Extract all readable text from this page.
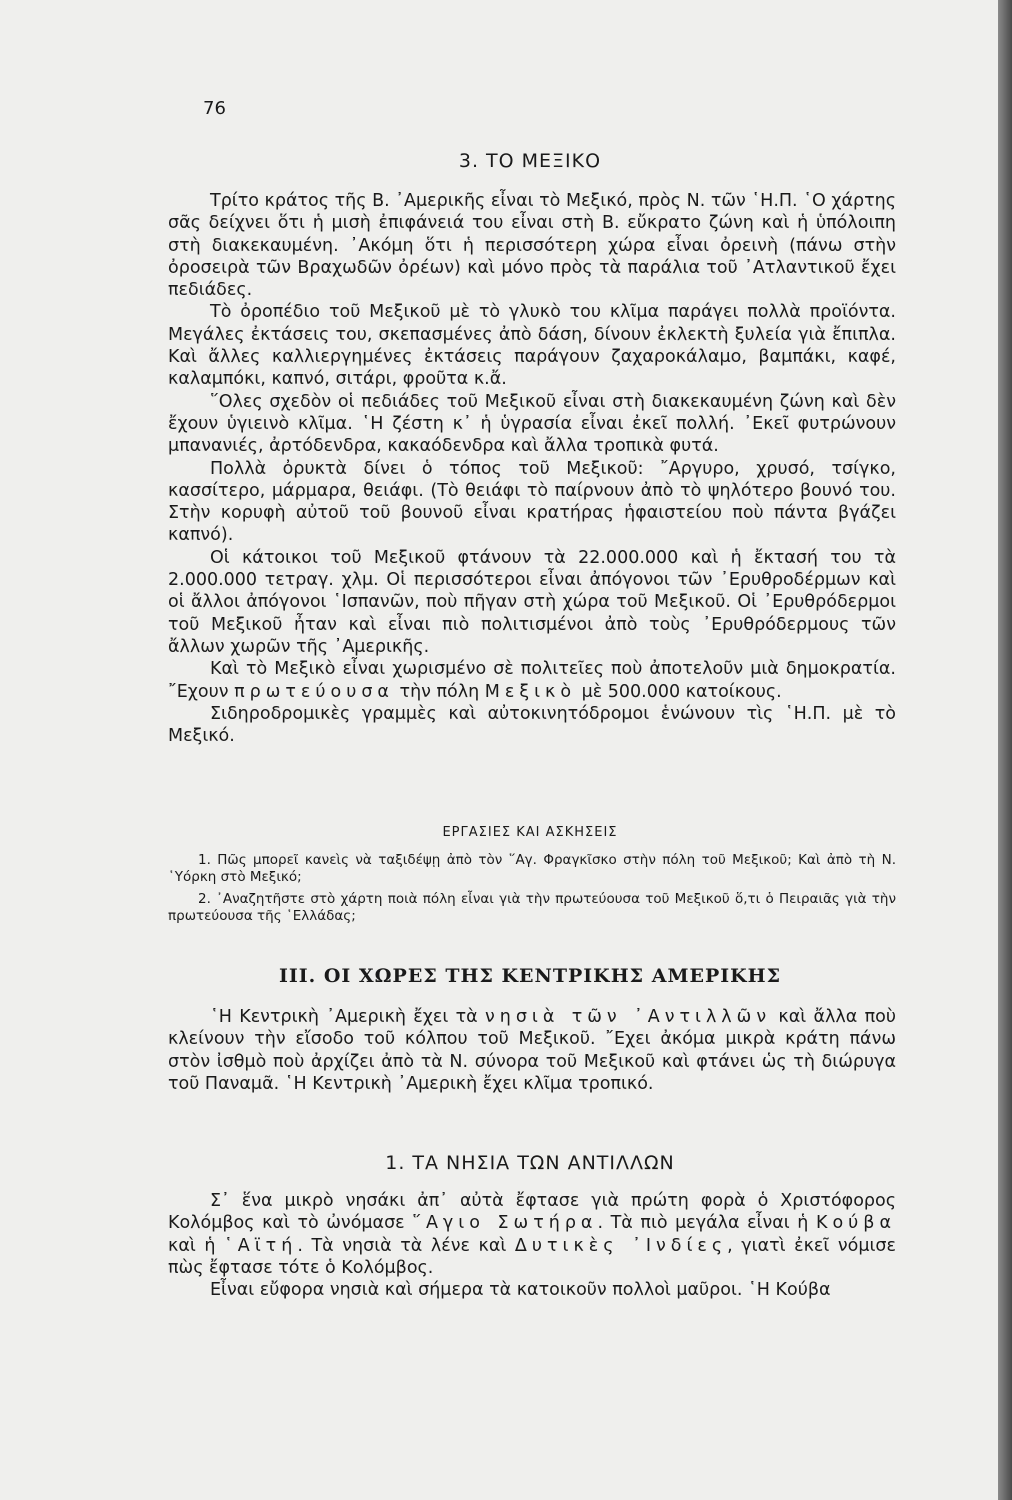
76
3. ΤΟ ΜΕΞΙΚΟ

Τρίτο κράτος τῆς Β. ᾿Αμερικῆς εἶναι τὸ Μεξικό, πρὸς Ν. τῶν ῾Η.Π. ῾Ο χάρτης σᾶς δείχνει ὅτι ἡ μισὴ ἐπιφάνειά του εἶναι στὴ Β. εὔκρατο ζώνη καὶ ἡ ὑπόλοιπη στὴ διακεκαυμένη. ᾿Ακόμη ὅτι ἡ περισσότερη χώρα εἶναι ὀρεινὴ (πάνω στὴν ὀροσειρὰ τῶν Βραχωδῶν ὀρέων) καὶ μόνο πρὸς τὰ παράλια τοῦ ᾿Ατλαντικοῦ ἔχει πεδιάδες.

Τὸ ὀροπέδιο τοῦ Μεξικοῦ μὲ τὸ γλυκὸ του κλῖμα παράγει πολλὰ προϊόντα. Μεγάλες ἐκτάσεις του, σκεπασμένες ἀπὸ δάση, δίνουν ἐκλεκτὴ ξυλεία γιὰ ἔπιπλα. Καὶ ἄλλες καλλιεργημένες ἐκτάσεις παράγουν ζαχαροκάλαμο, βαμπάκι, καφέ, καλαμπόκι, καπνό, σιτάρι, φροῦτα κ.ἄ.

῞Ολες σχεδὸν οἱ πεδιάδες τοῦ Μεξικοῦ εἶναι στὴ διακεκαυμένη ζώνη καὶ δὲν ἔχουν ὑγιεινὸ κλῖμα. ῾Η ζέστη κ᾿ ἡ ὑγρασία εἶναι ἐκεῖ πολλή. ᾿Εκεῖ φυτρώνουν μπανανιές, ἀρτόδενδρα, κακαόδενδρα καὶ ἄλλα τροπικὰ φυτά.

Πολλὰ ὀρυκτὰ δίνει ὁ τόπος τοῦ Μεξικοῦ: ῎Αργυρο, χρυσό, τσίγκο, κασσίτερο, μάρμαρα, θειάφι. (Τὸ θειάφι τὸ παίρνουν ἀπὸ τὸ ψηλότερο βουνό του. Στὴν κορυφὴ αὐτοῦ τοῦ βουνοῦ εἶναι κρατήρας ἡφαιστείου ποὺ πάντα βγάζει καπνό).

Οἱ κάτοικοι τοῦ Μεξικοῦ φτάνουν τὰ 22.000.000 καὶ ἡ ἔκτασή του τὰ 2.000.000 τετραγ. χλμ. Οἱ περισσότεροι εἶναι ἀπόγονοι τῶν ᾿Ερυθροδέρμων καὶ οἱ ἄλλοι ἀπόγονοι ῾Ισπανῶν, ποὺ πῆγαν στὴ χώρα τοῦ Μεξικοῦ. Οἱ ᾿Ερυθρόδερμοι τοῦ Μεξικοῦ ἦταν καὶ εἶναι πιὸ πολιτισμένοι ἀπὸ τοὺς ᾿Ερυθρόδερμους τῶν ἄλλων χωρῶν τῆς ᾿Αμερικῆς.

Καὶ τὸ Μεξικὸ εἶναι χωρισμένο σὲ πολιτεῖες ποὺ ἀποτελοῦν μιὰ δημοκρατία. ῎Εχουν πρωτεύουσα τὴν πόλη Μεξικὸ μὲ 500.000 κατοίκους.

Σιδηροδρομικὲς γραμμὲς καὶ αὐτοκινητόδρομοι ἑνώνουν τὶς ῾Η.Π. μὲ τὸ Μεξικό.

ΕΡΓΑΣΙΕΣ ΚΑΙ ΑΣΚΗΣΕΙΣ

1. Πῶς μπορεῖ κανεὶς νὰ ταξιδέψῃ ἀπὸ τὸν ῞Αγ. Φραγκῖσκο στὴν πόλη τοῦ Μεξικοῦ; Καὶ ἀπὸ τὴ Ν. ῾Υόρκη στὸ Μεξικό;

2. ᾿Αναζητῆστε στὸ χάρτη ποιὰ πόλη εἶναι γιὰ τὴν πρωτεύουσα τοῦ Μεξικοῦ ὅ,τι ὁ Πειραιᾶς γιὰ τὴν πρωτεύουσα τῆς ῾Ελλάδας;

III. ΟΙ ΧΩΡΕΣ ΤΗΣ ΚΕΝΤΡΙΚΗΣ ΑΜΕΡΙΚΗΣ

῾Η Κεντρικὴ ᾿Αμερικὴ ἔχει τὰ νησιὰ τῶν ᾿Αντιλλῶν καὶ ἄλλα ποὺ κλείνουν τὴν εἴσοδο τοῦ κόλπου τοῦ Μεξικοῦ. ῎Εχει ἀκόμα μικρὰ κράτη πάνω στὸν ἰσθμὸ ποὺ ἀρχίζει ἀπὸ τὰ Ν. σύνορα τοῦ Μεξικοῦ καὶ φτάνει ὡς τὴ διώρυγα τοῦ Παναμᾶ. ῾Η Κεντρικὴ ᾿Αμερικὴ ἔχει κλῖμα τροπικό.

1. ΤΑ ΝΗΣΙΑ ΤΩΝ ΑΝΤΙΛΛΩΝ

Σ᾿ ἕνα μικρὸ νησάκι ἀπ᾿ αὐτὰ ἔφτασε γιὰ πρώτη φορὰ ὁ Χριστόφορος Κολόμβος καὶ τὸ ὠνόμασε ῞Αγιο Σωτήρα. Τὰ πιὸ μεγάλα εἶναι ἡ Κούβα καὶ ἡ ῾Αϊτή. Τὰ νησιὰ τὰ λένε καὶ Δυτικὲς ᾿Ινδίες, γιατὶ ἐκεῖ νόμισε πὼς ἔφτασε τότε ὁ Κολόμβος.

Εἶναι εὔφορα νησιὰ καὶ σήμερα τὰ κατοικοῦν πολλοὶ μαῦροι. ῾Η Κούβα
